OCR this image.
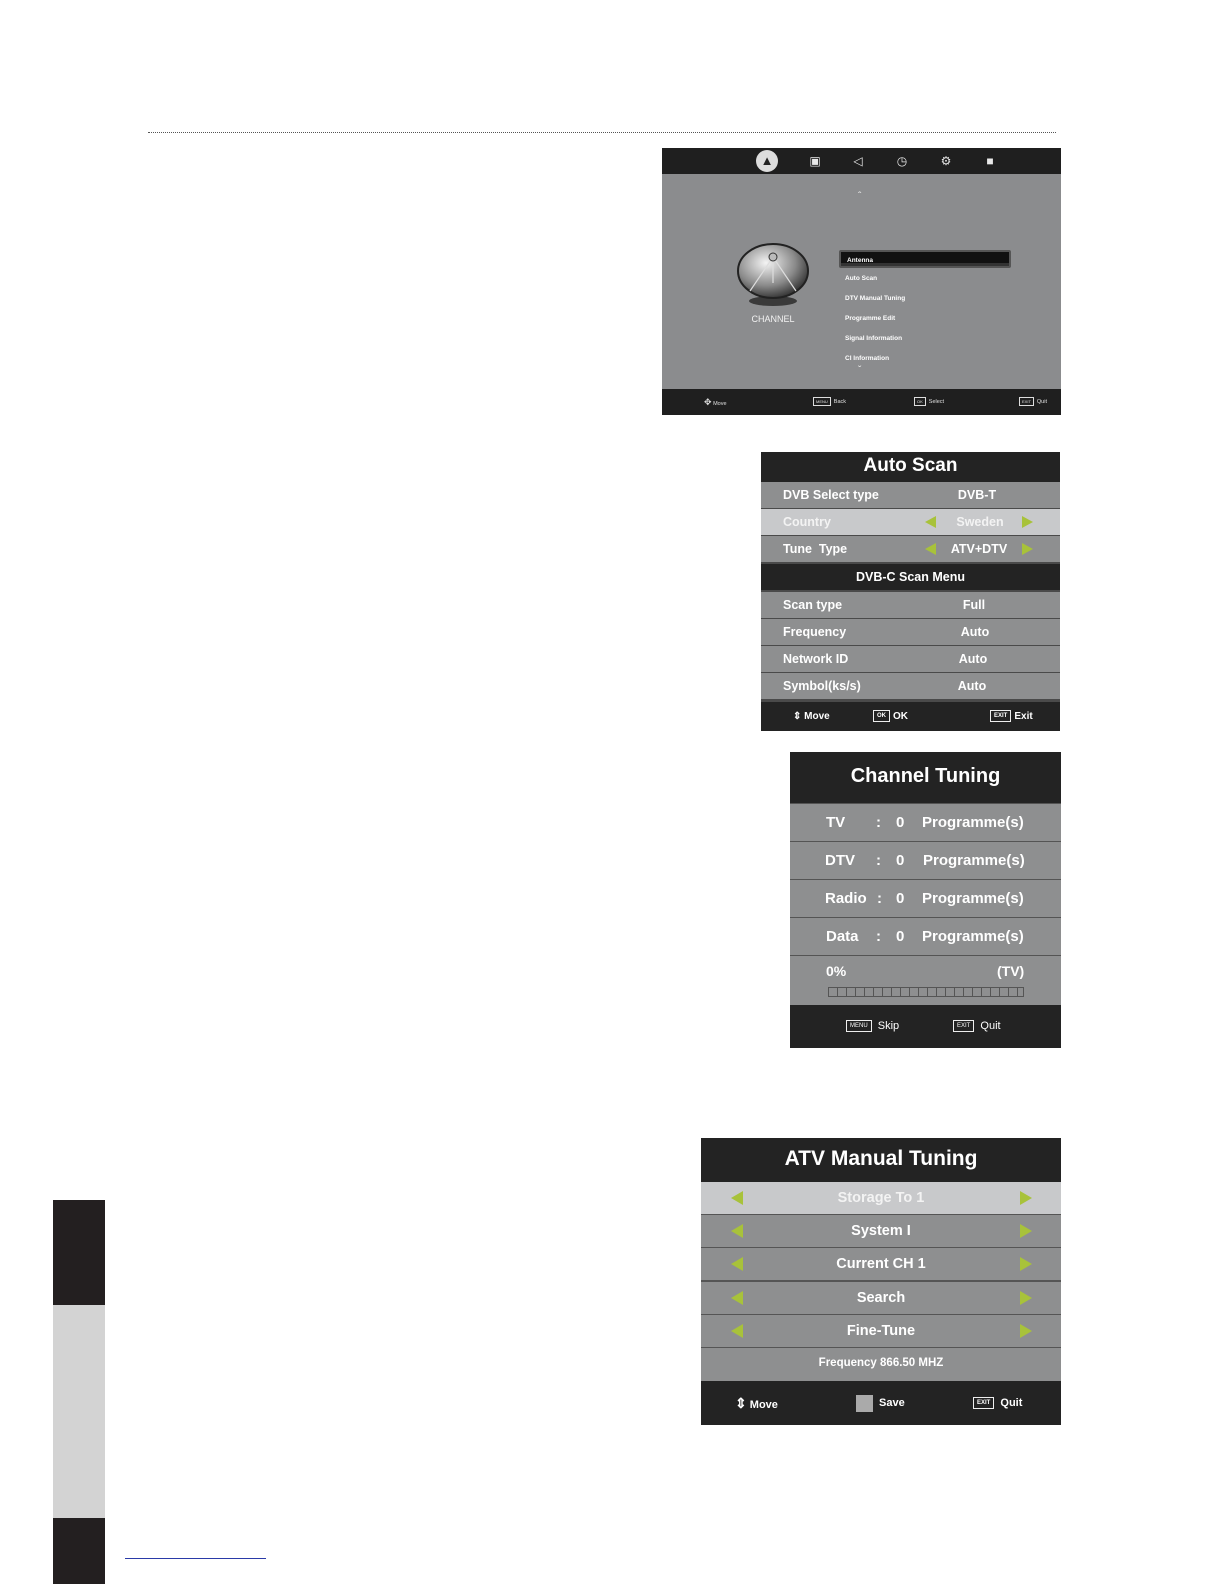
▲	▣	◁	◷	⚙	■
ˆ
CHANNEL
Antenna
Auto Scan
DTV Manual Tuning
Programme Edit
Signal Information
CI Information
ˇ
✥ Move	MENU Back	OK Select	EXIT Quit
Auto Scan
DVB Select type	DVB-T
Country	Sweden
Tune  Type	ATV+DTV
DVB-C Scan Menu
Scan type	Full
Frequency	Auto
Network ID	Auto
Symbol(ks/s)	Auto
⇕ Move	OK OK	EXIT Exit
Channel Tuning
TV : 0 Programme(s)
DTV : 0 Programme(s)
Radio : 0 Programme(s)
Data : 0 Programme(s)
0%	(TV)
MENU Skip	EXIT Quit
ATV Manual Tuning
Storage To 1
System I
Current CH 1
Search
Fine-Tune
Frequency 866.50 MHZ
⇕ Move	Save	EXIT Quit
